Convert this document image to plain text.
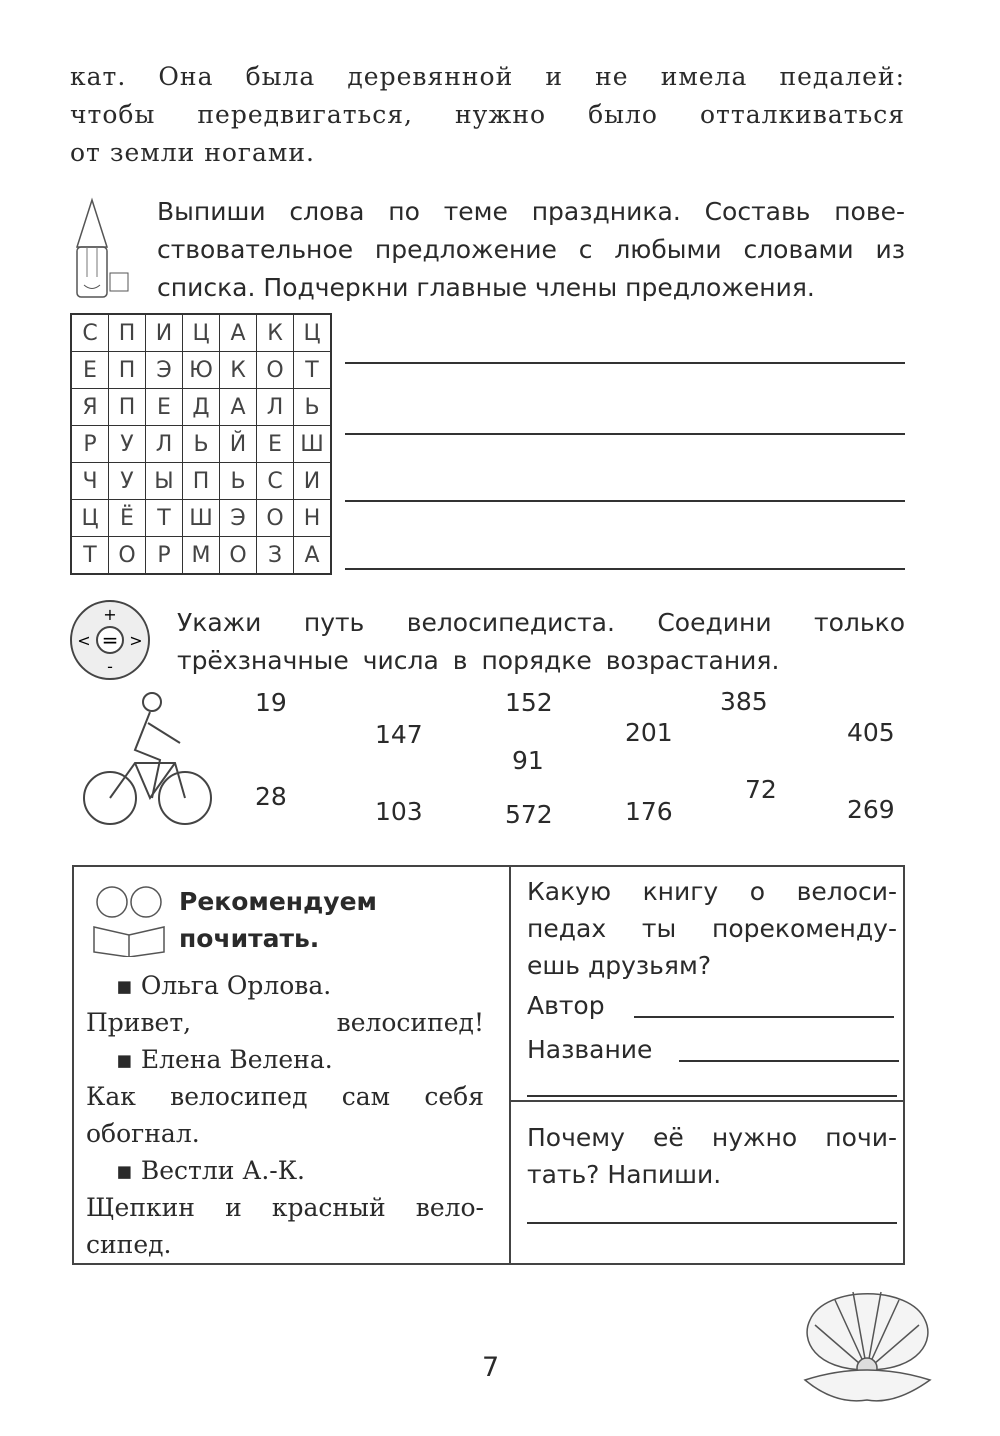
кат. Она была деревянной и не имела педалей:
чтобы передвигаться, нужно было отталкиваться
от земли ногами.
Выпиши слова по теме праздника. Составь пове-
ствовательное предложение с любыми словами из
списка. Подчеркни главные члены предложения.
С	П	И	Ц	А	К	Ц
Е	П	Э	Ю	К	О	Т
Я	П	Е	Д	А	Л	Ь
Р	У	Л	Ь	Й	Е	Ш
Ч	У	Ы	П	Ь	С	И
Ц	Ё	Т	Ш	Э	О	Н
Т	О	Р	М	О	З	А
=
+
-
< >
Укажи путь велосипедиста. Соедини только
трёхзначные числа в порядке возрастания.
19
147
152
91
201
385
405
28
103	572	176
72
269
Рекомендуем
почитать.
▪ Ольга Орлова.
Привет, велосипед!
▪ Елена Велена.
Как велосипед сам себя
обогнал.
▪ Вестли А.-К.
Щепкин и красный вело-
сипед.
Какую книгу о велоси-
педах ты порекоменду-
ешь друзьям?
Автор
Название
Почему её нужно почи-
тать? Напиши.
7
